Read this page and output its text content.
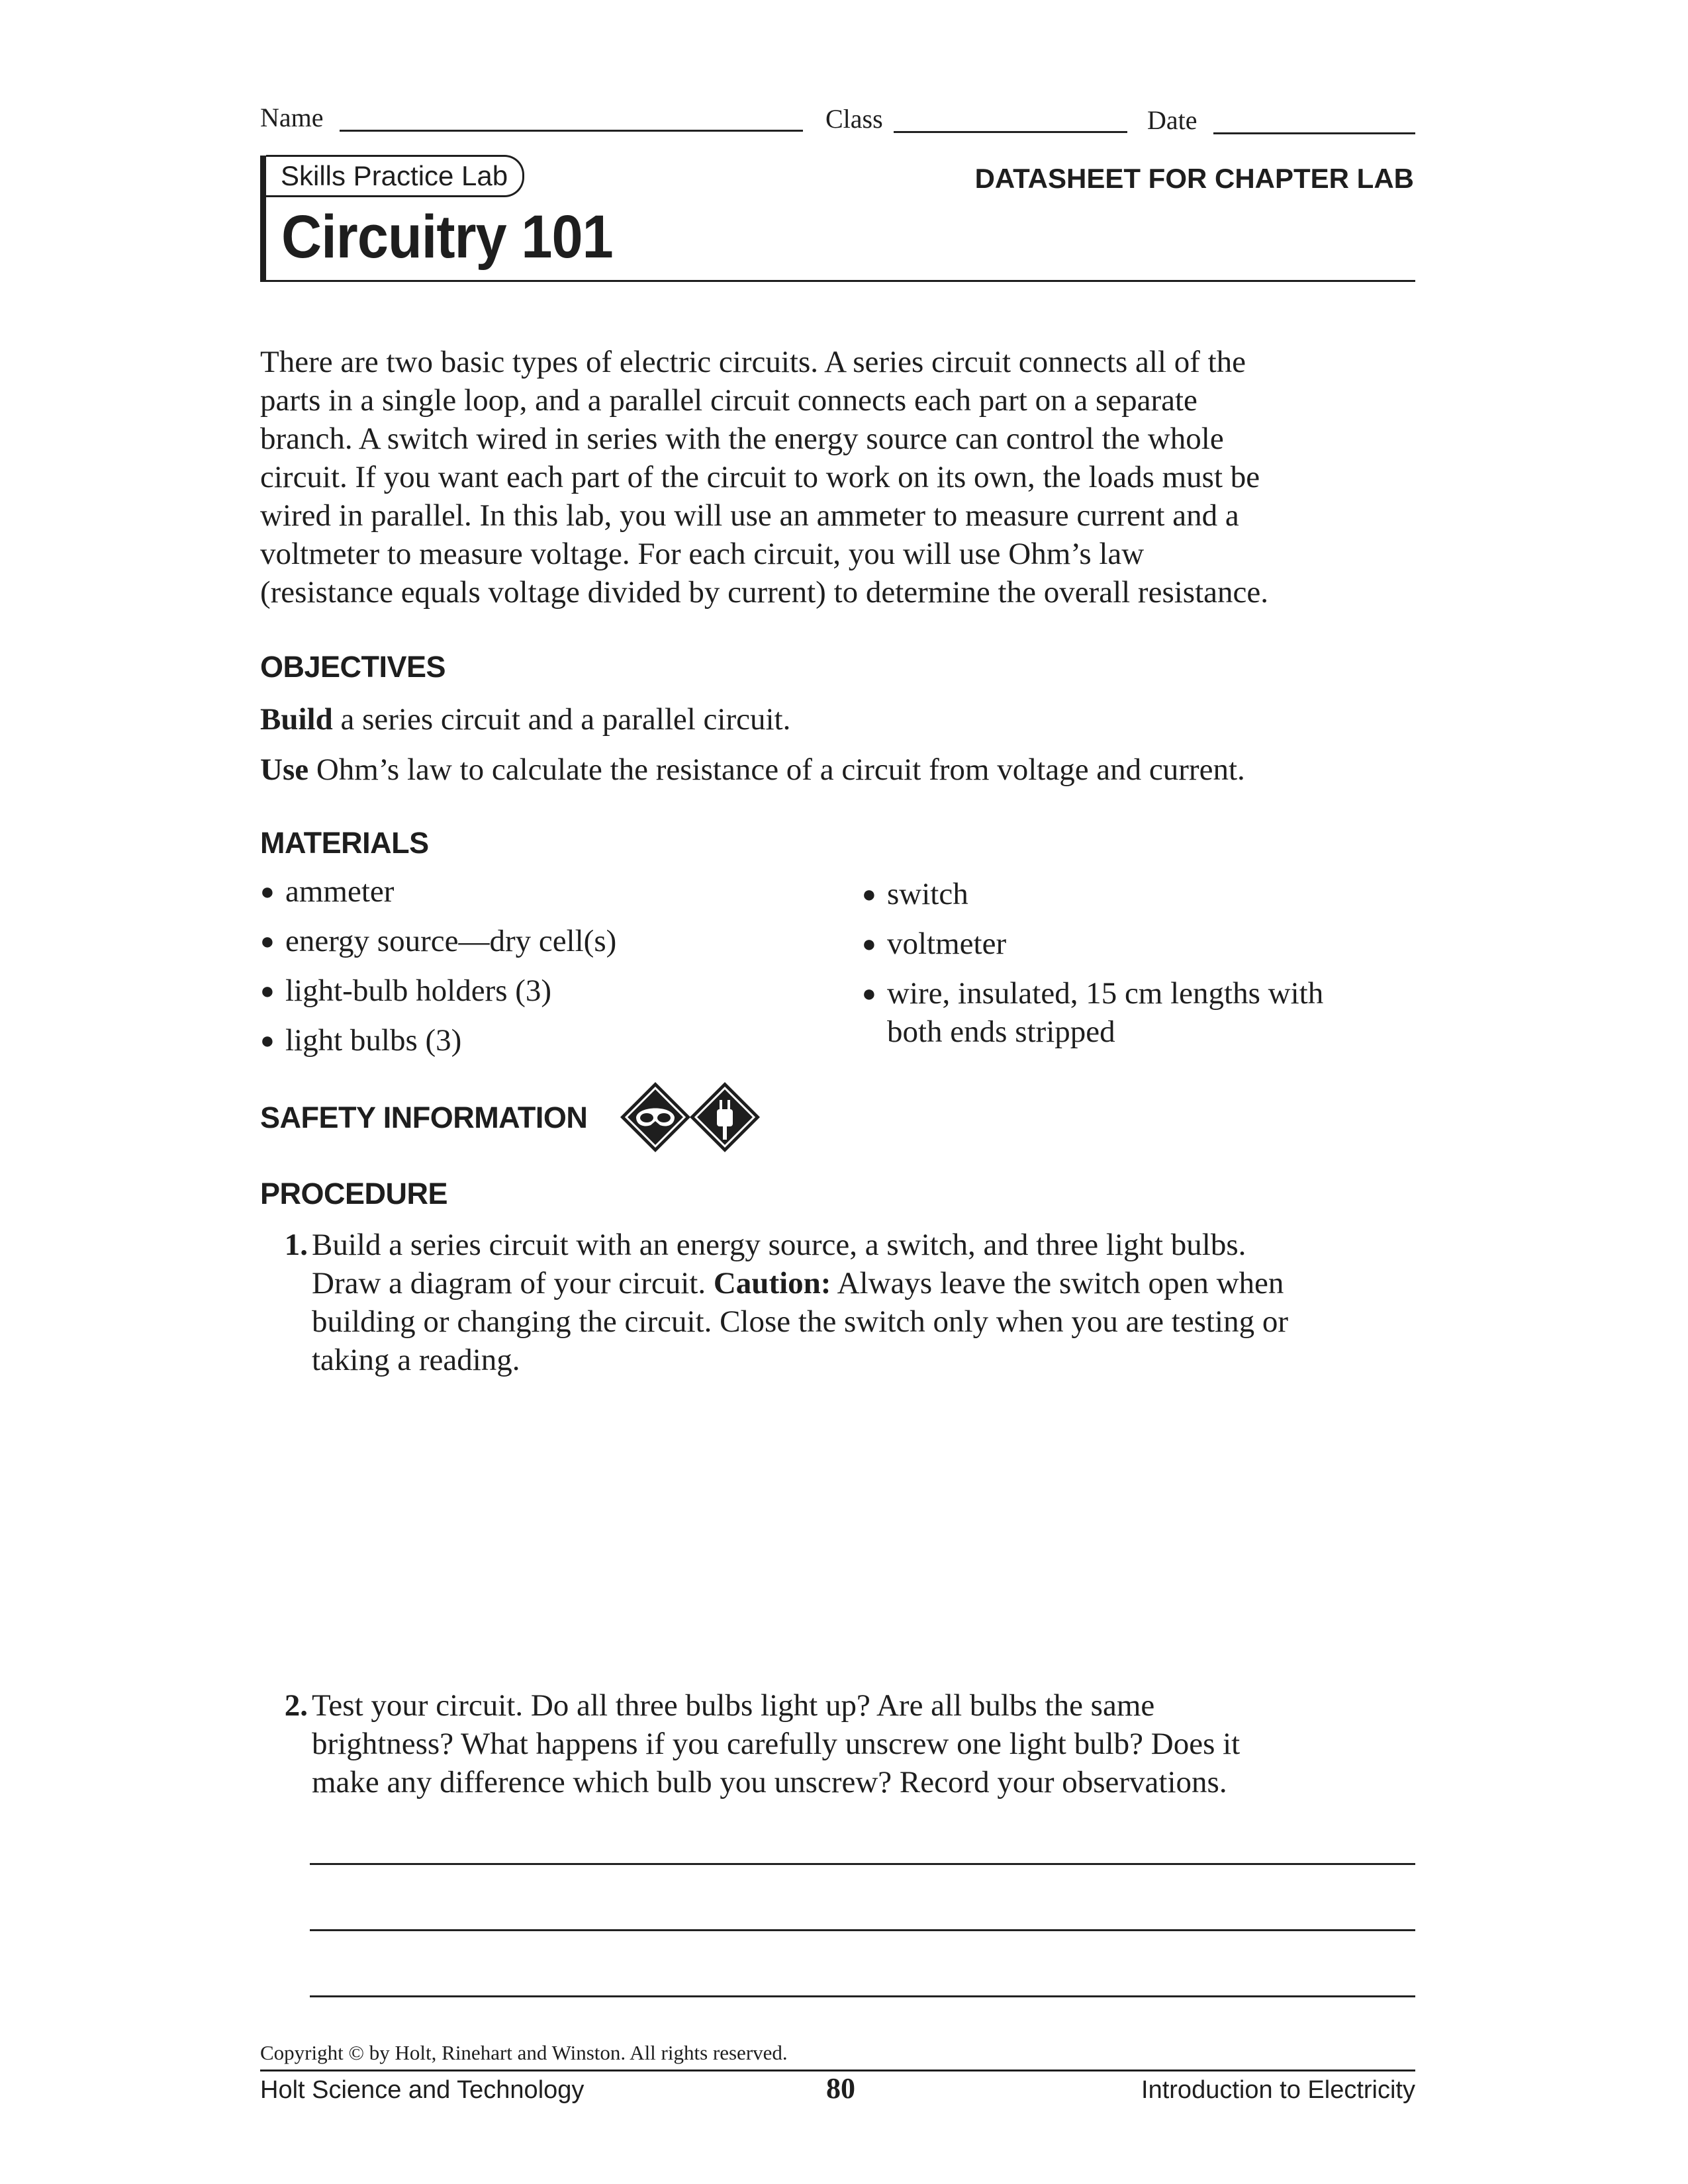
Name	Class	Date
Skills Practice Lab
Circuitry 101
DATASHEET FOR CHAPTER LAB
There are two basic types of electric circuits. A series circuit connects all of the
parts in a single loop, and a parallel circuit connects each part on a separate
branch. A switch wired in series with the energy source can control the whole
circuit. If you want each part of the circuit to work on its own, the loads must be
wired in parallel. In this lab, you will use an ammeter to measure current and a
voltmeter to measure voltage. For each circuit, you will use Ohm’s law
(resistance equals voltage divided by current) to determine the overall resistance.
OBJECTIVES
Build a series circuit and a parallel circuit.
Use Ohm’s law to calculate the resistance of a circuit from voltage and current.
MATERIALS
● ammeter
● energy source—dry cell(s)
● light-bulb holders (3)
● light bulbs (3)
● switch
● voltmeter
● wire, insulated, 15 cm lengths with
both ends stripped
SAFETY INFORMATION
PROCEDURE
1. Build a series circuit with an energy source, a switch, and three light bulbs.
Draw a diagram of your circuit. Caution: Always leave the switch open when
building or changing the circuit. Close the switch only when you are testing or
taking a reading.
2. Test your circuit. Do all three bulbs light up? Are all bulbs the same
brightness? What happens if you carefully unscrew one light bulb? Does it
make any difference which bulb you unscrew? Record your observations.
Copyright © by Holt, Rinehart and Winston. All rights reserved.
Holt Science and Technology	80	Introduction to Electricity
